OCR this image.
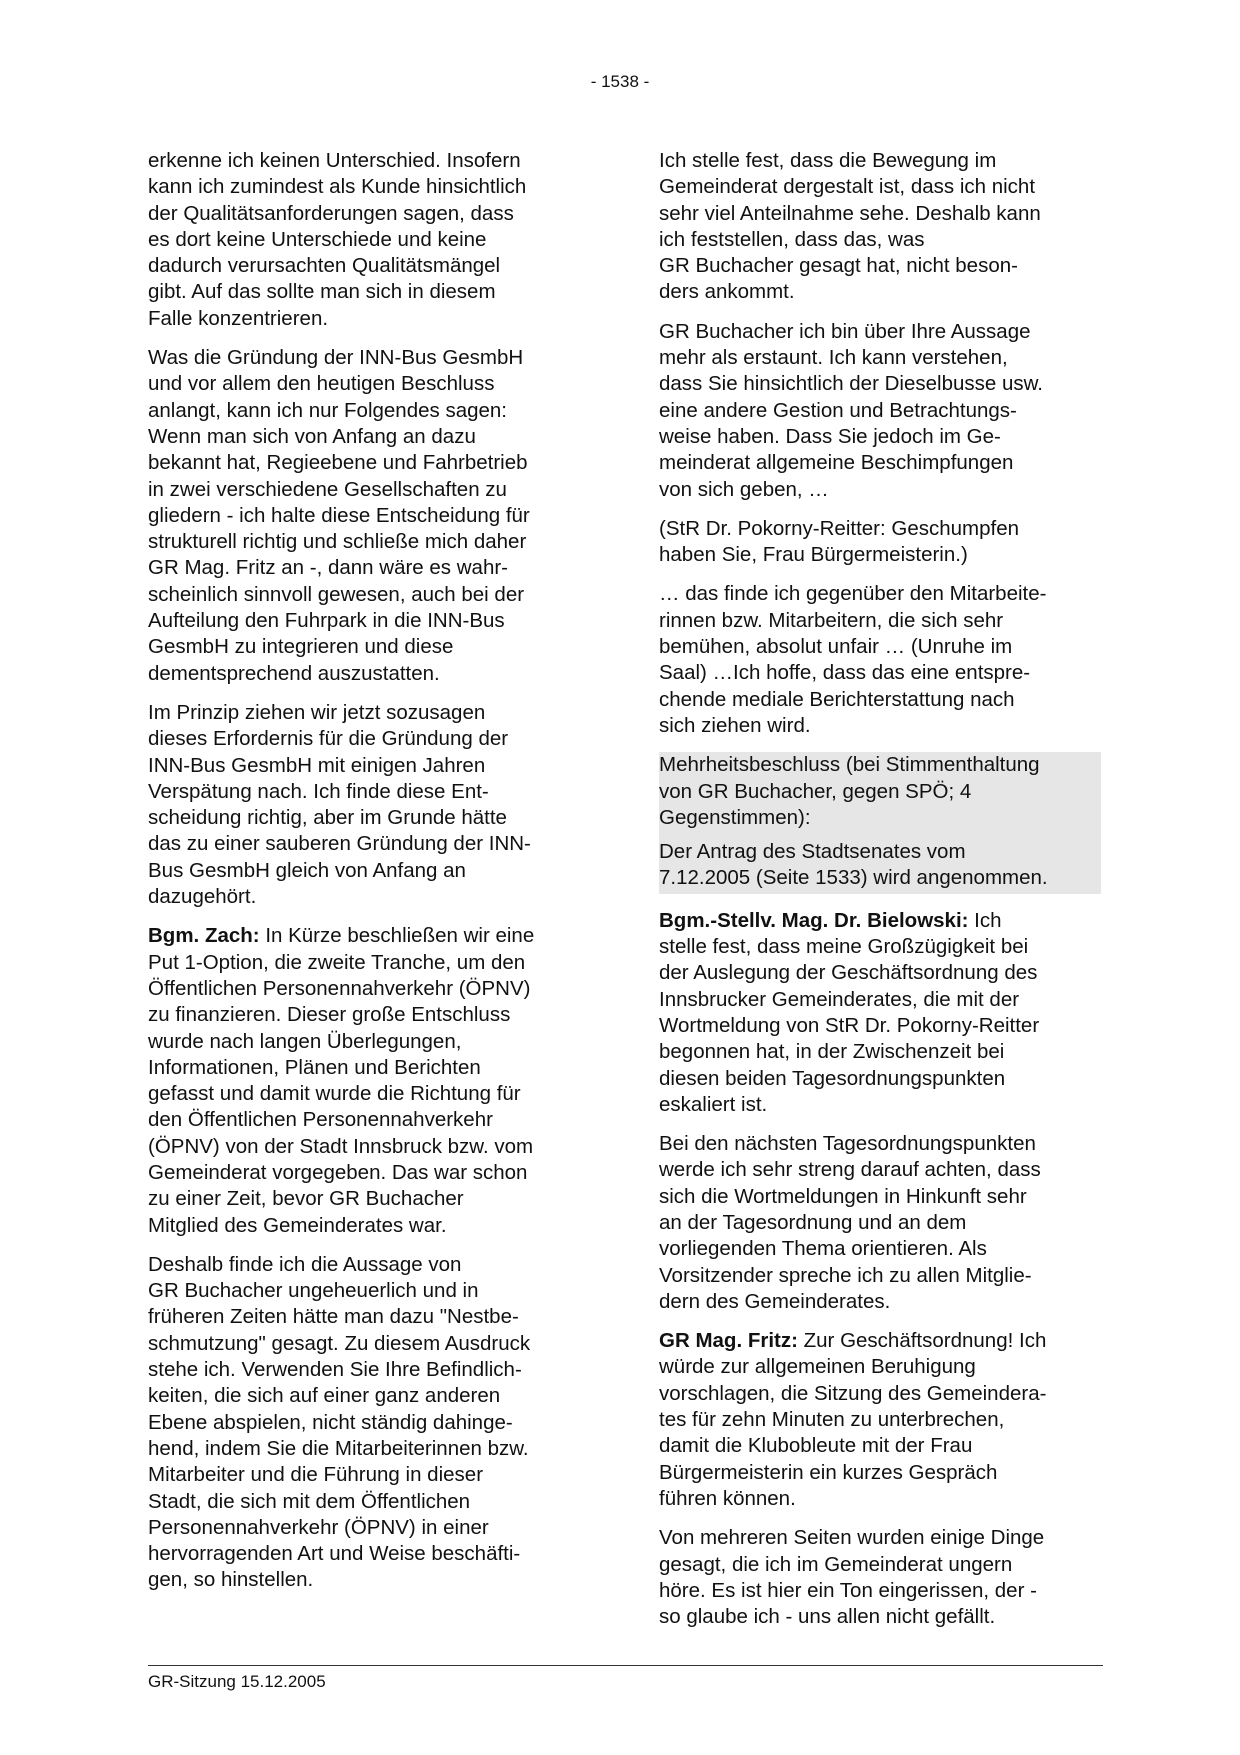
- 1538 -

erkenne ich keinen Unterschied. Insofern
kann ich zumindest als Kunde hinsichtlich
der Qualitätsanforderungen sagen, dass
es dort keine Unterschiede und keine
dadurch verursachten Qualitätsmängel
gibt. Auf das sollte man sich in diesem
Falle konzentrieren.

Was die Gründung der INN-Bus GesmbH
und vor allem den heutigen Beschluss
anlangt, kann ich nur Folgendes sagen:
Wenn man sich von Anfang an dazu
bekannt hat, Regieebene und Fahrbetrieb
in zwei verschiedene Gesellschaften zu
gliedern - ich halte diese Entscheidung für
strukturell richtig und schließe mich daher
GR Mag. Fritz an -, dann wäre es wahr-
scheinlich sinnvoll gewesen, auch bei der
Aufteilung den Fuhrpark in die INN-Bus
GesmbH zu integrieren und diese
dementsprechend auszustatten.

Im Prinzip ziehen wir jetzt sozusagen
dieses Erfordernis für die Gründung der
INN-Bus GesmbH mit einigen Jahren
Verspätung nach. Ich finde diese Ent-
scheidung richtig, aber im Grunde hätte
das zu einer sauberen Gründung der INN-
Bus GesmbH gleich von Anfang an
dazugehört.

Bgm. Zach: In Kürze beschließen wir eine
Put 1-Option, die zweite Tranche, um den
Öffentlichen Personennahverkehr (ÖPNV)
zu finanzieren. Dieser große Entschluss
wurde nach langen Überlegungen,
Informationen, Plänen und Berichten
gefasst und damit wurde die Richtung für
den Öffentlichen Personennahverkehr
(ÖPNV) von der Stadt Innsbruck bzw. vom
Gemeinderat vorgegeben. Das war schon
zu einer Zeit, bevor GR Buchacher
Mitglied des Gemeinderates war.

Deshalb finde ich die Aussage von
GR Buchacher ungeheuerlich und in
früheren Zeiten hätte man dazu "Nestbe-
schmutzung" gesagt. Zu diesem Ausdruck
stehe ich. Verwenden Sie Ihre Befindlich-
keiten, die sich auf einer ganz anderen
Ebene abspielen, nicht ständig dahinge-
hend, indem Sie die Mitarbeiterinnen bzw.
Mitarbeiter und die Führung in dieser
Stadt, die sich mit dem Öffentlichen
Personennahverkehr (ÖPNV) in einer
hervorragenden Art und Weise beschäfti-
gen, so hinstellen.

Ich stelle fest, dass die Bewegung im
Gemeinderat dergestalt ist, dass ich nicht
sehr viel Anteilnahme sehe. Deshalb kann
ich feststellen, dass das, was
GR Buchacher gesagt hat, nicht beson-
ders ankommt.

GR Buchacher ich bin über Ihre Aussage
mehr als erstaunt. Ich kann verstehen,
dass Sie hinsichtlich der Dieselbusse usw.
eine andere Gestion und Betrachtungs-
weise haben. Dass Sie jedoch im Ge-
meinderat allgemeine Beschimpfungen
von sich geben, …

(StR Dr. Pokorny-Reitter: Geschumpfen
haben Sie, Frau Bürgermeisterin.)

… das finde ich gegenüber den Mitarbeite-
rinnen bzw. Mitarbeitern, die sich sehr
bemühen, absolut unfair … (Unruhe im
Saal) …Ich hoffe, dass das eine entspre-
chende mediale Berichterstattung nach
sich ziehen wird.

Mehrheitsbeschluss (bei Stimmenthaltung
von GR Buchacher, gegen SPÖ; 4
Gegenstimmen):

Der Antrag des Stadtsenates vom
7.12.2005 (Seite 1533) wird angenommen.

Bgm.-Stellv. Mag. Dr. Bielowski: Ich
stelle fest, dass meine Großzügigkeit bei
der Auslegung der Geschäftsordnung des
Innsbrucker Gemeinderates, die mit der
Wortmeldung von StR Dr. Pokorny-Reitter
begonnen hat, in der Zwischenzeit bei
diesen beiden Tagesordnungspunkten
eskaliert ist.

Bei den nächsten Tagesordnungspunkten
werde ich sehr streng darauf achten, dass
sich die Wortmeldungen in Hinkunft sehr
an der Tagesordnung und an dem
vorliegenden Thema orientieren. Als
Vorsitzender spreche ich zu allen Mitglie-
dern des Gemeinderates.

GR Mag. Fritz: Zur Geschäftsordnung! Ich
würde zur allgemeinen Beruhigung
vorschlagen, die Sitzung des Gemeindera-
tes für zehn Minuten zu unterbrechen,
damit die Klubobleute mit der Frau
Bürgermeisterin ein kurzes Gespräch
führen können.

Von mehreren Seiten wurden einige Dinge
gesagt, die ich im Gemeinderat ungern
höre. Es ist hier ein Ton eingerissen, der -
so glaube ich - uns allen nicht gefällt.

GR-Sitzung 15.12.2005
